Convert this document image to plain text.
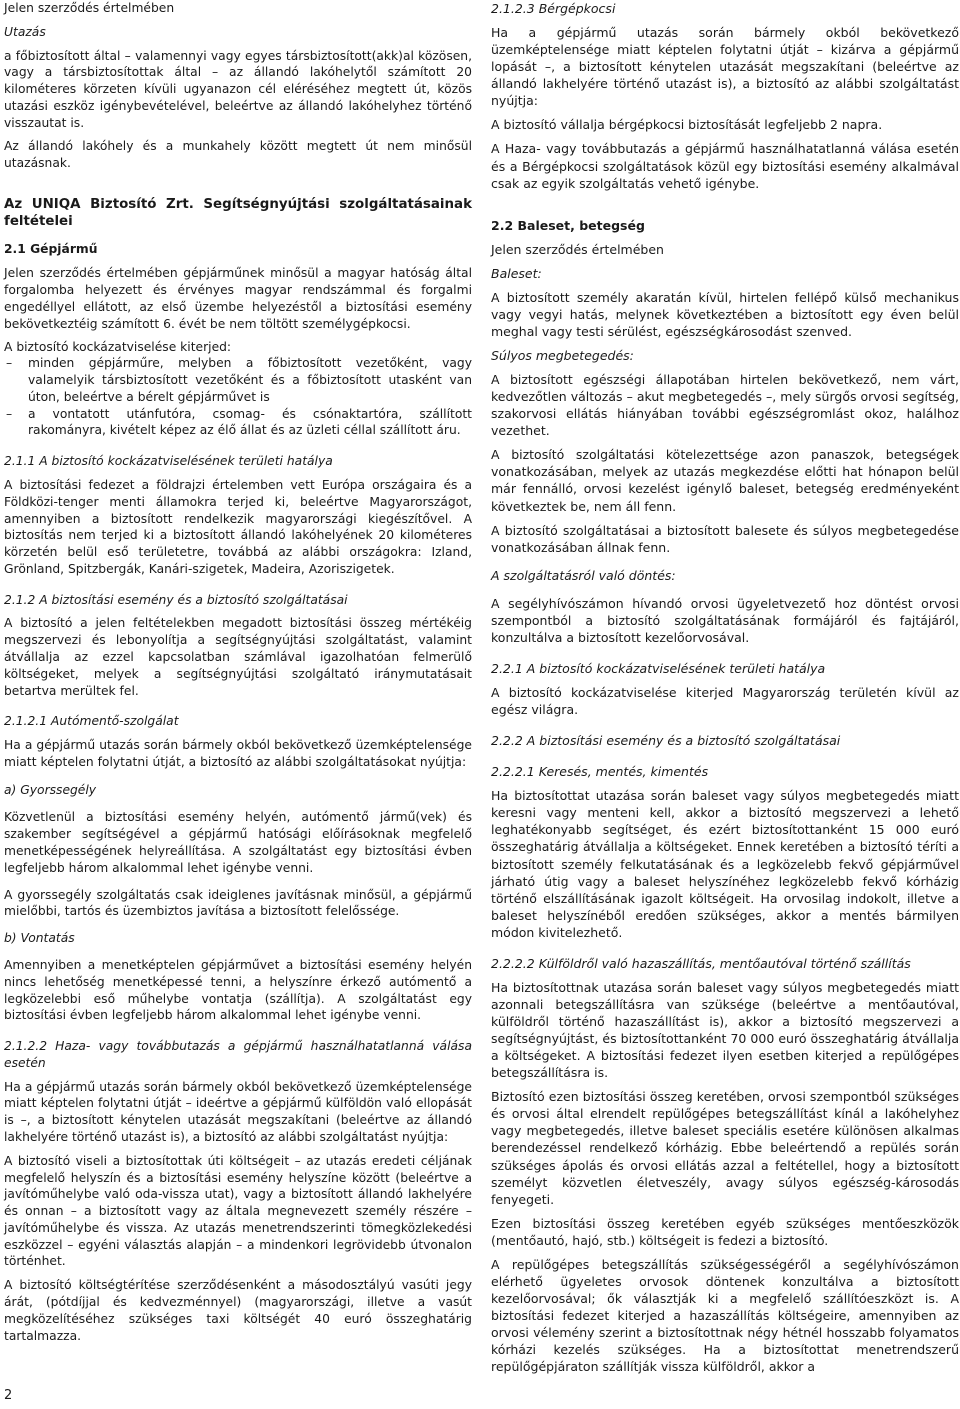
Jelen szerződés értelmében

Utazás

a főbiztosított által – valamennyi vagy egyes társbiztosított(akk)al közösen, vagy a társbiztosítottak által – az állandó lakóhelytől számított 20 kilométeres körzeten kívüli ugyanazon cél eléréséhez megtett út, közös utazási eszköz igénybevételével, beleértve az állandó lakóhelyhez történő visszautat is.

Az állandó lakóhely és a munkahely között megtett út nem minősül utazásnak.

Az UNIQA Biztosító Zrt. Segítségnyújtási szolgáltatásainak feltételei

2.1 Gépjármű

Jelen szerződés értelmében gépjárműnek minősül a magyar hatóság által forgalomba helyezett és érvényes magyar rendszámmal és forgalmi engedéllyel ellátott, az első üzembe helyezéstől a biztosítási esemény bekövetkeztéig számított 6. évét be nem töltött személygépkocsi.

A biztosító kockázatviselése kiterjed:

– minden gépjárműre, melyben a főbiztosított vezetőként, vagy valamelyik társbiztosított vezetőként és a főbiztosított utasként van úton, beleértve a bérelt gépjárművet is
– a vontatott utánfutóra, csomag- és csónaktartóra, szállított rakományra, kivételt képez az élő állat és az üzleti céllal szállított áru.

2.1.1 A biztosító kockázatviselésének területi hatálya

A biztosítási fedezet a földrajzi értelemben vett Európa országaira és a Földközi-tenger menti államokra terjed ki, beleértve Magyarországot, amennyiben a biztosított rendelkezik magyarországi kiegészítővel. A biztosítás nem terjed ki a biztosított állandó lakóhelyének 20 kilométeres körzetén belül eső területetre, továbbá az alábbi országokra: Izland, Grönland, Spitzbergák, Kanári-szigetek, Madeira, Azoriszigetek.

2.1.2 A biztosítási esemény és a biztosító szolgáltatásai

A biztosító a jelen feltételekben megadott biztosítási összeg mértékéig megszervezi és lebonyolítja a segítségnyújtási szolgáltatást, valamint átvállalja az ezzel kapcsolatban számlával igazolhatóan felmerülő költségeket, melyek a segítségnyújtási szolgáltató iránymutatásait betartva merültek fel.

2.1.2.1 Autómentő-szolgálat

Ha a gépjármű utazás során bármely okból bekövetkező üzemképtelensége miatt képtelen folytatni útját, a biztosító az alábbi szolgáltatásokat nyújtja:

a) Gyorssegély

Közvetlenül a biztosítási esemény helyén, autómentő jármű(vek) és szakember segítségével a gépjármű hatósági előírásoknak megfelelő menetképességének helyreállítása. A szolgáltatást egy biztosítási évben legfeljebb három alkalommal lehet igénybe venni.

A gyorssegély szolgáltatás csak ideiglenes javításnak minősül, a gépjármű mielőbbi, tartós és üzembiztos javítása a biztosított felelőssége.

b) Vontatás

Amennyiben a menetképtelen gépjárművet a biztosítási esemény helyén nincs lehetőség menetképessé tenni, a helyszínre érkező autómentő a legközelebbi eső műhelybe vontatja (szállítja). A szolgáltatást egy biztosítási évben legfeljebb három alkalommal lehet igénybe venni.

2.1.2.2 Haza- vagy továbbutazás a gépjármű használhatatlanná válása esetén

Ha a gépjármű utazás során bármely okból bekövetkező üzemképtelensége miatt képtelen folytatni útját – ideértve a gépjármű külföldön való ellopását is –, a biztosított kénytelen utazását megszakítani (beleértve az állandó lakhelyére történő utazást is), a biztosító az alábbi szolgáltatást nyújtja:

A biztosító viseli a biztosítottak úti költségeit – az utazás eredeti céljának megfelelő helyszín és a biztosítási esemény helyszíne között (beleértve a javítóműhelybe való oda-vissza utat), vagy a biztosított állandó lakhelyére és onnan – a biztosított vagy az általa megnevezett személy részére – javítóműhelybe és vissza. Az utazás menetrendszerinti tömegközlekedési eszközzel – egyéni választás alapján – a mindenkori legrövidebb útvonalon történhet.

A biztosító költségtérítése szerződésenként a másodosztályú vasúti jegy árát, (pótdíjjal és kedvezménnyel) (magyarországi, illetve a vasút megközelítéséhez szükséges taxi költségét 40 euró összeghatárig tartalmazza.

2.1.2.3 Bérgépkocsi

Ha a gépjármű utazás során bármely okból bekövetkező üzemképtelensége miatt képtelen folytatni útját – kizárva a gépjármű lopását –, a biztosított kénytelen utazását megszakítani (beleértve az állandó lakhelyére történő utazást is), a biztosító az alábbi szolgáltatást nyújtja:

A biztosító vállalja bérgépkocsi biztosítását legfeljebb 2 napra.

A Haza- vagy továbbutazás a gépjármű használhatatlanná válása esetén és a Bérgépkocsi szolgáltatások közül egy biztosítási esemény alkalmával csak az egyik szolgáltatás vehető igénybe.

2.2 Baleset, betegség

Jelen szerződés értelmében

Baleset:

A biztosított személy akaratán kívül, hirtelen fellépő külső mechanikus vagy vegyi hatás, melynek következtében a biztosított egy éven belül meghal vagy testi sérülést, egészségkárosodást szenved.

Súlyos megbetegedés:

A biztosított egészségi állapotában hirtelen bekövetkező, nem várt, kedvezőtlen változás – akut megbetegedés –, mely sürgős orvosi segítség, szakorvosi ellátás hiányában további egészségromlást okoz, halálhoz vezethet.

A biztosító szolgáltatási kötelezettsége azon panaszok, betegségek vonatkozásában, melyek az utazás megkezdése előtti hat hónapon belül már fennálló, orvosi kezelést igénylő baleset, betegség eredményeként következtek be, nem áll fenn.

A biztosító szolgáltatásai a biztosított balesete és súlyos megbetegedése vonatkozásában állnak fenn.

A szolgáltatásról való döntés:

A segélyhívószámon hívandó orvosi ügyeletvezető hoz döntést orvosi szempontból a biztosító szolgáltatásának formájáról és fajtájáról, konzultálva a biztosított kezelőorvosával.

2.2.1 A biztosító kockázatviselésének területi hatálya

A biztosító kockázatviselése kiterjed Magyarország területén kívül az egész világra.

2.2.2 A biztosítási esemény és a biztosító szolgáltatásai

2.2.2.1 Keresés, mentés, kimentés

Ha biztosítottat utazása során baleset vagy súlyos megbetegedés miatt keresni vagy menteni kell, akkor a biztosító megszervezi a lehető leghatékonyabb segítséget, és ezért biztosítottanként 15 000 euró összeghatárig átvállalja a költségeket. Ennek keretében a biztosító téríti a biztosított személy felkutatásának és a legközelebb fekvő gépjárművel járható útig vagy a baleset helyszínéhez legközelebb fekvő kórházig történő elszállításának igazolt költségeit. Ha orvosilag indokolt, illetve a baleset helyszínéből eredően szükséges, akkor a mentés bármilyen módon kivitelezhető.

2.2.2.2 Külföldről való hazaszállítás, mentőautóval történő szállítás

Ha biztosítottnak utazása során baleset vagy súlyos megbetegedés miatt azonnali betegszállításra van szüksége (beleértve a mentőautóval, külföldről történő hazaszállítást is), akkor a biztosító megszervezi a segítségnyújtást, és biztosítottanként 70 000 euró összeghatárig átvállalja a költségeket. A biztosítási fedezet ilyen esetben kiterjed a repülőgépes betegszállításra is.

Biztosító ezen biztosítási összeg keretében, orvosi szempontból szükséges és orvosi által elrendelt repülőgépes betegszállítást kínál a lakóhelyhez vagy megbetegedés, illetve baleset speciális esetére különösen alkalmas berendezéssel rendelkező kórházig. Ebbe beleértendő a repülés során szükséges ápolás és orvosi ellátás azzal a feltétellel, hogy a biztosított személyt közvetlen életveszély, avagy súlyos egészség-károsodás fenyegeti.

Ezen biztosítási összeg keretében egyéb szükséges mentőeszközök (mentőautó, hajó, stb.) költségeit is fedezi a biztosító.

A repülőgépes betegszállítás szükségességéről a segélyhívószámon elérhető ügyeletes orvosok döntenek konzultálva a biztosított kezelőorvosával; ők választják ki a megfelelő szállítóeszközt is. A biztosítási fedezet kiterjed a hazaszállítás költségeire, amennyiben az orvosi vélemény szerint a biztosítottnak négy hétnél hosszabb folyamatos kórházi kezelés szükséges. Ha a biztosítottat menetrendszerű repülőgépjáraton szállítják vissza külföldről, akkor a

2
